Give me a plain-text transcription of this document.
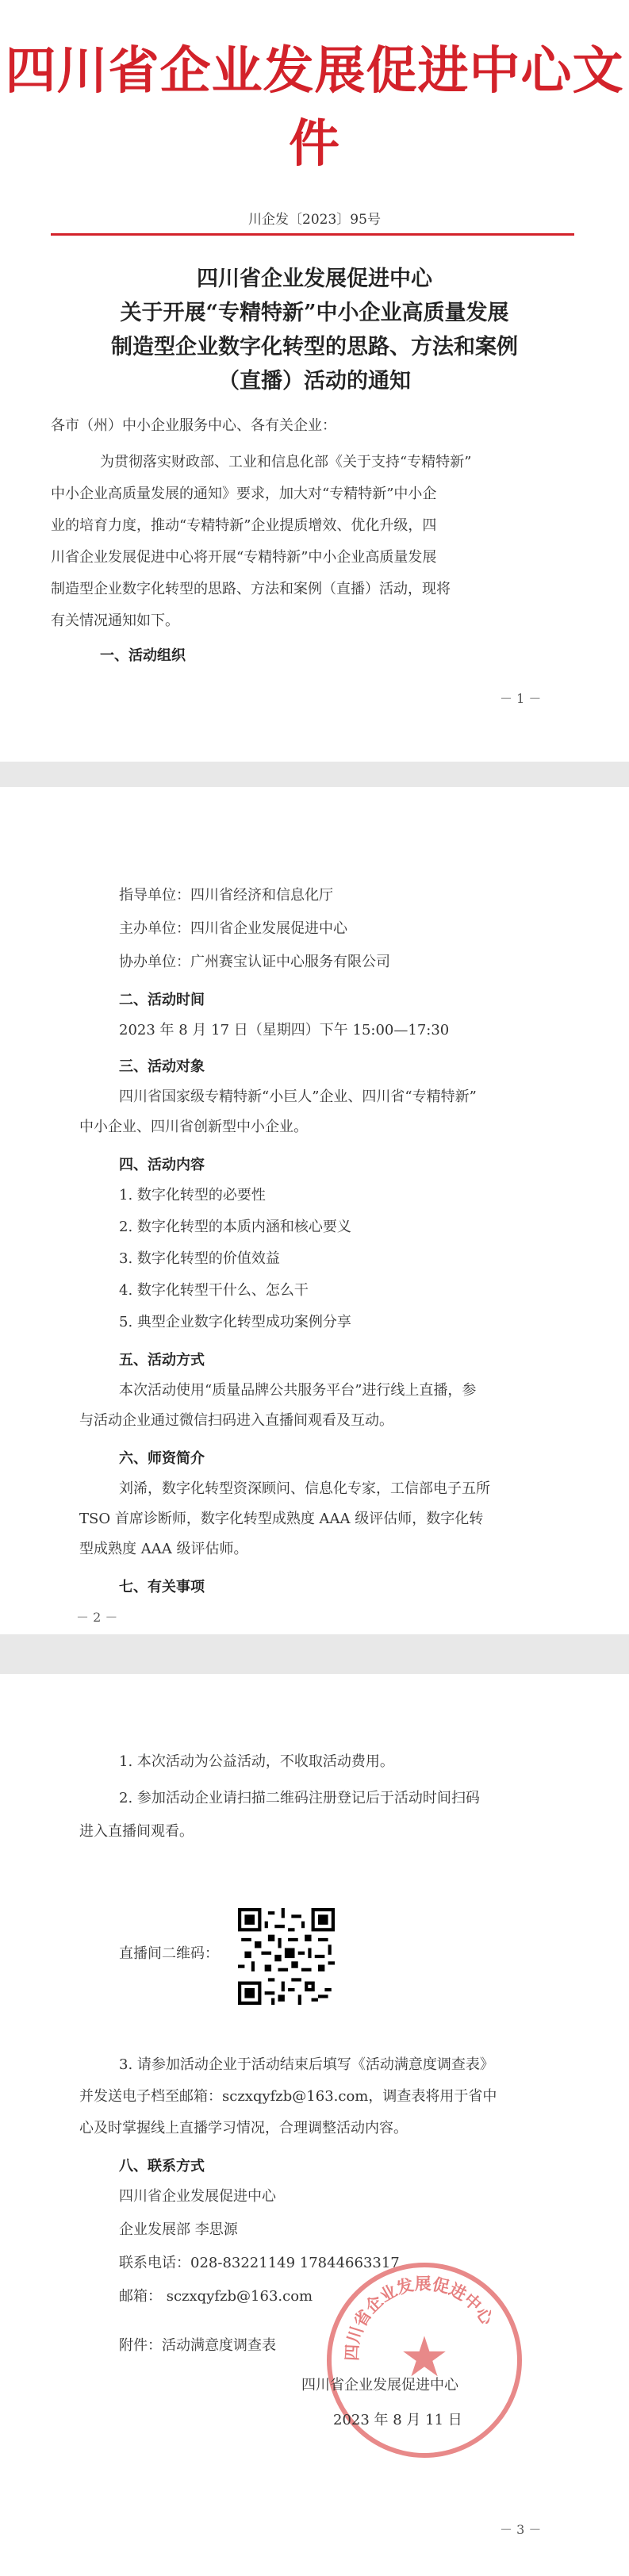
四川省企业发展促进中心文件
川企发〔2023〕95号
四川省企业发展促进中心
关于开展“专精特新”中小企业高质量发展
制造型企业数字化转型的思路、方法和案例
（直播）活动的通知
各市（州）中小企业服务中心、各有关企业：
为贯彻落实财政部、工业和信息化部《关于支持“专精特新”
中小企业高质量发展的通知》要求，加大对“专精特新”中小企
业的培育力度，推动“专精特新”企业提质增效、优化升级，四
川省企业发展促进中心将开展“专精特新”中小企业高质量发展
制造型企业数字化转型的思路、方法和案例（直播）活动，现将
有关情况通知如下。
一、活动组织
－ 1 －
指导单位：四川省经济和信息化厅
主办单位：四川省企业发展促进中心
协办单位：广州赛宝认证中心服务有限公司
二、活动时间
2023 年 8 月 17 日（星期四）下午 15:00—17:30
三、活动对象
四川省国家级专精特新“小巨人”企业、四川省“专精特新”
中小企业、四川省创新型中小企业。
四、活动内容
1. 数字化转型的必要性
2. 数字化转型的本质内涵和核心要义
3. 数字化转型的价值效益
4. 数字化转型干什么、怎么干
5. 典型企业数字化转型成功案例分享
五、活动方式
本次活动使用“质量品牌公共服务平台”进行线上直播，参
与活动企业通过微信扫码进入直播间观看及互动。
六、师资简介
刘浠，数字化转型资深顾问、信息化专家，工信部电子五所
TSO 首席诊断师，数字化转型成熟度 AAA 级评估师，数字化转
型成熟度 AAA 级评估师。
七、有关事项
－ 2 －
1. 本次活动为公益活动，不收取活动费用。
2. 参加活动企业请扫描二维码注册登记后于活动时间扫码
进入直播间观看。
直播间二维码：
3. 请参加活动企业于活动结束后填写《活动满意度调查表》
并发送电子档至邮箱：sczxqyfzb@163.com，调查表将用于省中
心及时掌握线上直播学习情况，合理调整活动内容。
八、联系方式
四川省企业发展促进中心
企业发展部 李思源
联系电话：028-83221149 17844663317
邮箱： sczxqyfzb@163.com
附件：活动满意度调查表	四川省企业发展促进中心
★
四川省企业发展促进中心
2023 年 8 月 11 日
－ 3 －
